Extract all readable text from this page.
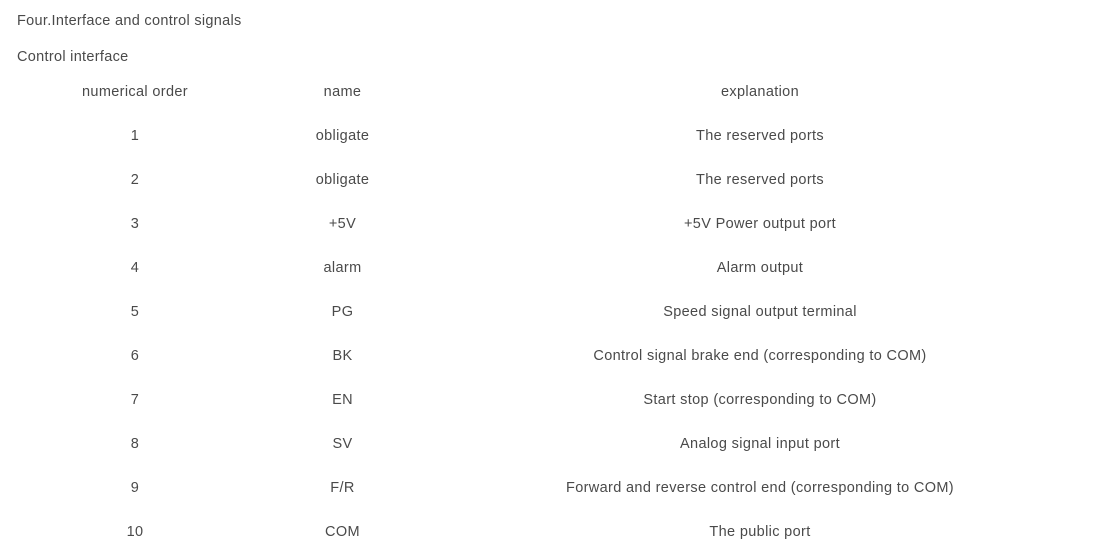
Four.Interface and control signals
Control interface
numerical order	name	explanation
1	obligate	The reserved ports
2	obligate	The reserved ports
3	+5V	+5V Power output port
4	alarm	Alarm output
5	PG	Speed signal output terminal
6	BK	Control signal brake end (corresponding to COM)
7	EN	Start stop (corresponding to COM)
8	SV	Analog signal input port
9	F/R	Forward and reverse control end (corresponding to COM)
10	COM	The public port
